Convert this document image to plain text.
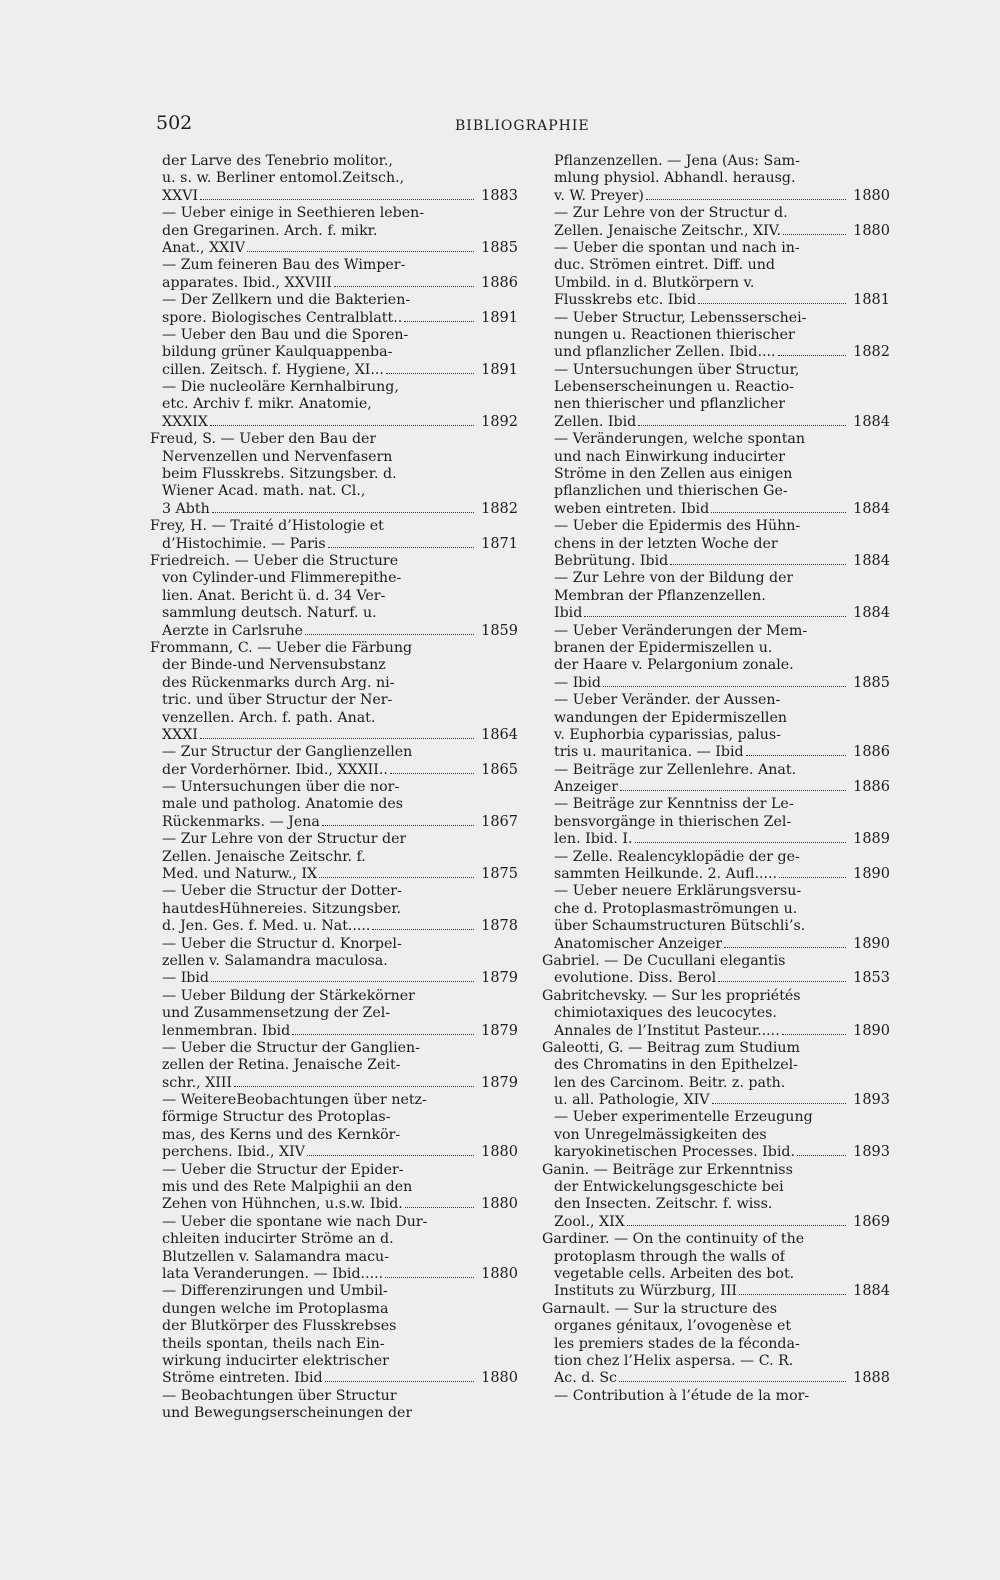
502	BIBLIOGRAPHIE
der Larve des Tenebrio molitor.,
u. s. w. Berliner entomol.Zeitsch.,
XXVI	1883
— Ueber einige in Seethieren leben-
den Gregarinen. Arch. f. mikr.
Anat., XXIV	1885
— Zum feineren Bau des Wimper-
apparates. Ibid., XXVIII	1886
— Der Zellkern und die Bakterien-
spore. Biologisches Centralblatt..	1891
— Ueber den Bau und die Sporen-
bildung grüner Kaulquappenba-
cillen. Zeitsch. f. Hygiene, XI...	1891
— Die nucleoläre Kernhalbirung,
etc. Archiv f. mikr. Anatomie,
XXXIX	1892
Freud, S. — Ueber den Bau der
Nervenzellen und Nervenfasern
beim Flusskrebs. Sitzungsber. d.
Wiener Acad. math. nat. Cl.,
3 Abth	1882
Frey, H. — Traité d’Histologie et
d’Histochimie. — Paris	1871
Friedreich. — Ueber die Structure
von Cylinder-und Flimmerepithe-
lien. Anat. Bericht ü. d. 34 Ver-
sammlung deutsch. Naturf. u.
Aerzte in Carlsruhe	1859
Frommann, C. — Ueber die Färbung
der Binde-und Nervensubstanz
des Rückenmarks durch Arg. ni-
tric. und über Structur der Ner-
venzellen. Arch. f. path. Anat.
XXXI	1864
— Zur Structur der Ganglienzellen
der Vorderhörner. Ibid., XXXII..	1865
— Untersuchungen über die nor-
male und patholog. Anatomie des
Rückenmarks. — Jena	1867
— Zur Lehre von der Structur der
Zellen. Jenaische Zeitschr. f.
Med. und Naturw., IX	1875
— Ueber die Structur der Dotter-
hautdesHühnereies. Sitzungsber.
d. Jen. Ges. f. Med. u. Nat.....	1878
— Ueber die Structur d. Knorpel-
zellen v. Salamandra maculosa.
— Ibid	1879
— Ueber Bildung der Stärkekörner
und Zusammensetzung der Zel-
lenmembran. Ibid	1879
— Ueber die Structur der Ganglien-
zellen der Retina. Jenaische Zeit-
schr., XIII	1879
— WeitereBeobachtungen über netz-
förmige Structur des Protoplas-
mas, des Kerns und des Kernkör-
perchens. Ibid., XIV	1880
— Ueber die Structur der Epider-
mis und des Rete Malpighii an den
Zehen von Hühnchen, u.s.w. Ibid.	1880
— Ueber die spontane wie nach Dur-
chleiten inducirter Ströme an d.
Blutzellen v. Salamandra macu-
lata Veranderungen. — Ibid.....	1880
— Differenzirungen und Umbil-
dungen welche im Protoplasma
der Blutkörper des Flusskrebses
theils spontan, theils nach Ein-
wirkung inducirter elektrischer
Ströme eintreten. Ibid	1880
— Beobachtungen über Structur
und Bewegungserscheinungen der
Pflanzenzellen. — Jena (Aus: Sam-
mlung physiol. Abhandl. herausg.
v. W. Preyer)	1880
— Zur Lehre von der Structur d.
Zellen. Jenaische Zeitschr., XIV.	1880
— Ueber die spontan und nach in-
duc. Strömen eintret. Diff. und
Umbild. in d. Blutkörpern v.
Flusskrebs etc. Ibid	1881
— Ueber Structur, Lebensserschei-
nungen u. Reactionen thierischer
und pflanzlicher Zellen. Ibid....	1882
— Untersuchungen über Structur,
Lebenserscheinungen u. Reactio-
nen thierischer und pflanzlicher
Zellen. Ibid	1884
— Veränderungen, welche spontan
und nach Einwirkung inducirter
Ströme in den Zellen aus einigen
pflanzlichen und thierischen Ge-
weben eintreten. Ibid	1884
— Ueber die Epidermis des Hühn-
chens in der letzten Woche der
Bebrütung. Ibid	1884
— Zur Lehre von der Bildung der
Membran der Pflanzenzellen.
Ibid	1884
— Ueber Veränderungen der Mem-
branen der Epidermiszellen u.
der Haare v. Pelargonium zonale.
— Ibid	1885
— Ueber Veränder. der Aussen-
wandungen der Epidermiszellen
v. Euphorbia cyparissias, palus-
tris u. mauritanica. — Ibid	1886
— Beiträge zur Zellenlehre. Anat.
Anzeiger	1886
— Beiträge zur Kenntniss der Le-
bensvorgänge in thierischen Zel-
len. Ibid. I.	1889
— Zelle. Realencyklopädie der ge-
sammten Heilkunde. 2. Aufl.....	1890
— Ueber neuere Erklärungsversu-
che d. Protoplasmaströmungen u.
über Schaumstructuren Bütschli’s.
Anatomischer Anzeiger	1890
Gabriel. — De Cucullani elegantis
evolutione. Diss. Berol	1853
Gabritchevsky. — Sur les propriétés
chimiotaxiques des leucocytes.
Annales de l’Institut Pasteur.....	1890
Galeotti, G. — Beitrag zum Studium
des Chromatins in den Epithelzel-
len des Carcinom. Beitr. z. path.
u. all. Pathologie, XIV	1893
— Ueber experimentelle Erzeugung
von Unregelmässigkeiten des
karyokinetischen Processes. Ibid.	1893
Ganin. — Beiträge zur Erkenntniss
der Entwickelungsgeschicte bei
den Insecten. Zeitschr. f. wiss.
Zool., XIX	1869
Gardiner. — On the continuity of the
protoplasm through the walls of
vegetable cells. Arbeiten des bot.
Instituts zu Würzburg, III	1884
Garnault. — Sur la structure des
organes génitaux, l’ovogenèse et
les premiers stades de la féconda-
tion chez l’Helix aspersa. — C. R.
Ac. d. Sc	1888
— Contribution à l’étude de la mor-
